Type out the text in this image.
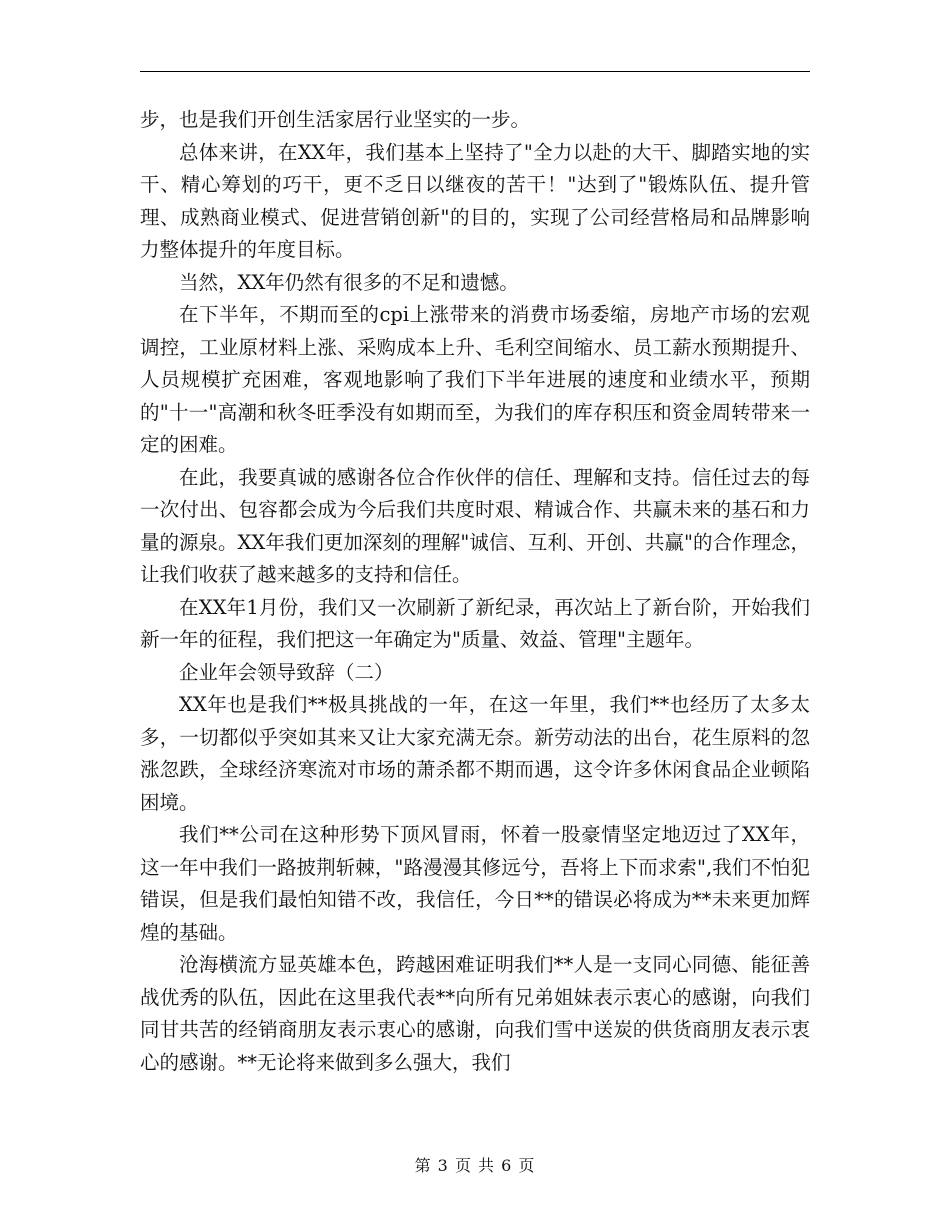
步，也是我们开创生活家居行业坚实的一步。

总体来讲，在XX年，我们基本上坚持了"全力以赴的大干、脚踏实地的实干、精心筹划的巧干，更不乏日以继夜的苦干！"达到了"锻炼队伍、提升管理、成熟商业模式、促进营销创新"的目的，实现了公司经营格局和品牌影响力整体提升的年度目标。

当然，XX年仍然有很多的不足和遗憾。

在下半年，不期而至的cpi上涨带来的消费市场委缩，房地产市场的宏观调控，工业原材料上涨、采购成本上升、毛利空间缩水、员工薪水预期提升、人员规模扩充困难，客观地影响了我们下半年进展的速度和业绩水平，预期的"十一"高潮和秋冬旺季没有如期而至，为我们的库存积压和资金周转带来一定的困难。

在此，我要真诚的感谢各位合作伙伴的信任、理解和支持。信任过去的每一次付出、包容都会成为今后我们共度时艰、精诚合作、共赢未来的基石和力量的源泉。XX年我们更加深刻的理解"诚信、互利、开创、共赢"的合作理念，让我们收获了越来越多的支持和信任。

在XX年1月份，我们又一次刷新了新纪录，再次站上了新台阶，开始我们新一年的征程，我们把这一年确定为"质量、效益、管理"主题年。

企业年会领导致辞（二）

XX年也是我们**极具挑战的一年，在这一年里，我们**也经历了太多太多，一切都似乎突如其来又让大家充满无奈。新劳动法的出台，花生原料的忽涨忽跌，全球经济寒流对市场的萧杀都不期而遇，这令许多休闲食品企业顿陷困境。

我们**公司在这种形势下顶风冒雨，怀着一股豪情坚定地迈过了XX年，这一年中我们一路披荆斩棘，"路漫漫其修远兮，吾将上下而求索",我们不怕犯错误，但是我们最怕知错不改，我信任，今日**的错误必将成为**未来更加辉煌的基础。

沧海横流方显英雄本色，跨越困难证明我们**人是一支同心同德、能征善战优秀的队伍，因此在这里我代表**向所有兄弟姐妹表示衷心的感谢，向我们同甘共苦的经销商朋友表示衷心的感谢，向我们雪中送炭的供货商朋友表示衷心的感谢。**无论将来做到多么强大，我们

第 3 页 共 6 页
